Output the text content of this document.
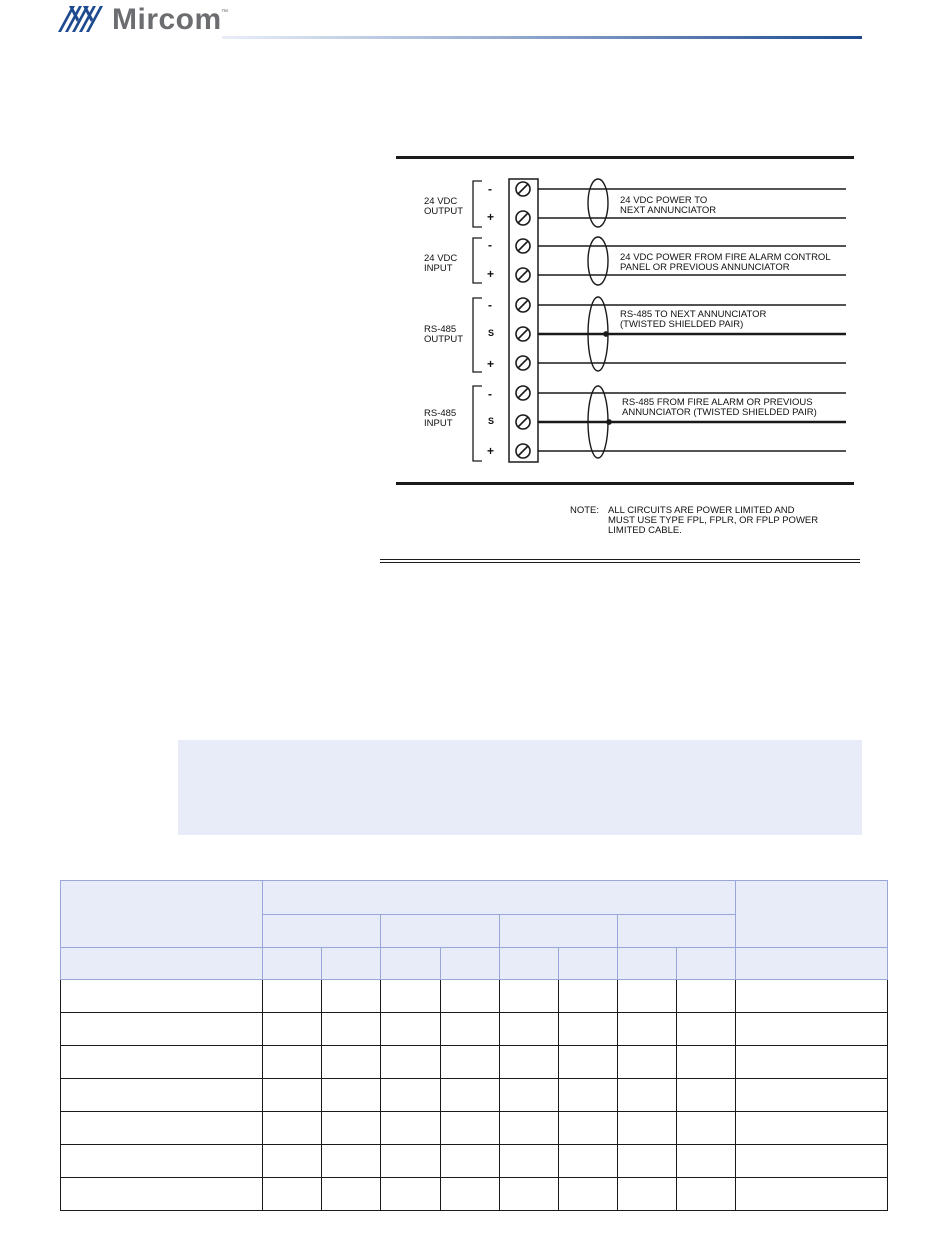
Mircom ™
24 VDC
OUTPUT
24 VDC
INPUT
RS-485
OUTPUT
RS-485
INPUT
-
+
-
+
-
S
+
-
S
+
24 VDC POWER TO
NEXT ANNUNCIATOR
24 VDC POWER FROM FIRE ALARM CONTROL
PANEL OR PREVIOUS ANNUNCIATOR
RS-485 TO NEXT ANNUNCIATOR
(TWISTED SHIELDED PAIR)
RS-485 FROM FIRE ALARM OR PREVIOUS
ANNUNCIATOR (TWISTED SHIELDED PAIR)
NOTE: ALL CIRCUITS ARE POWER LIMITED AND
MUST USE TYPE FPL, FPLR, OR FPLP POWER
LIMITED CABLE.
